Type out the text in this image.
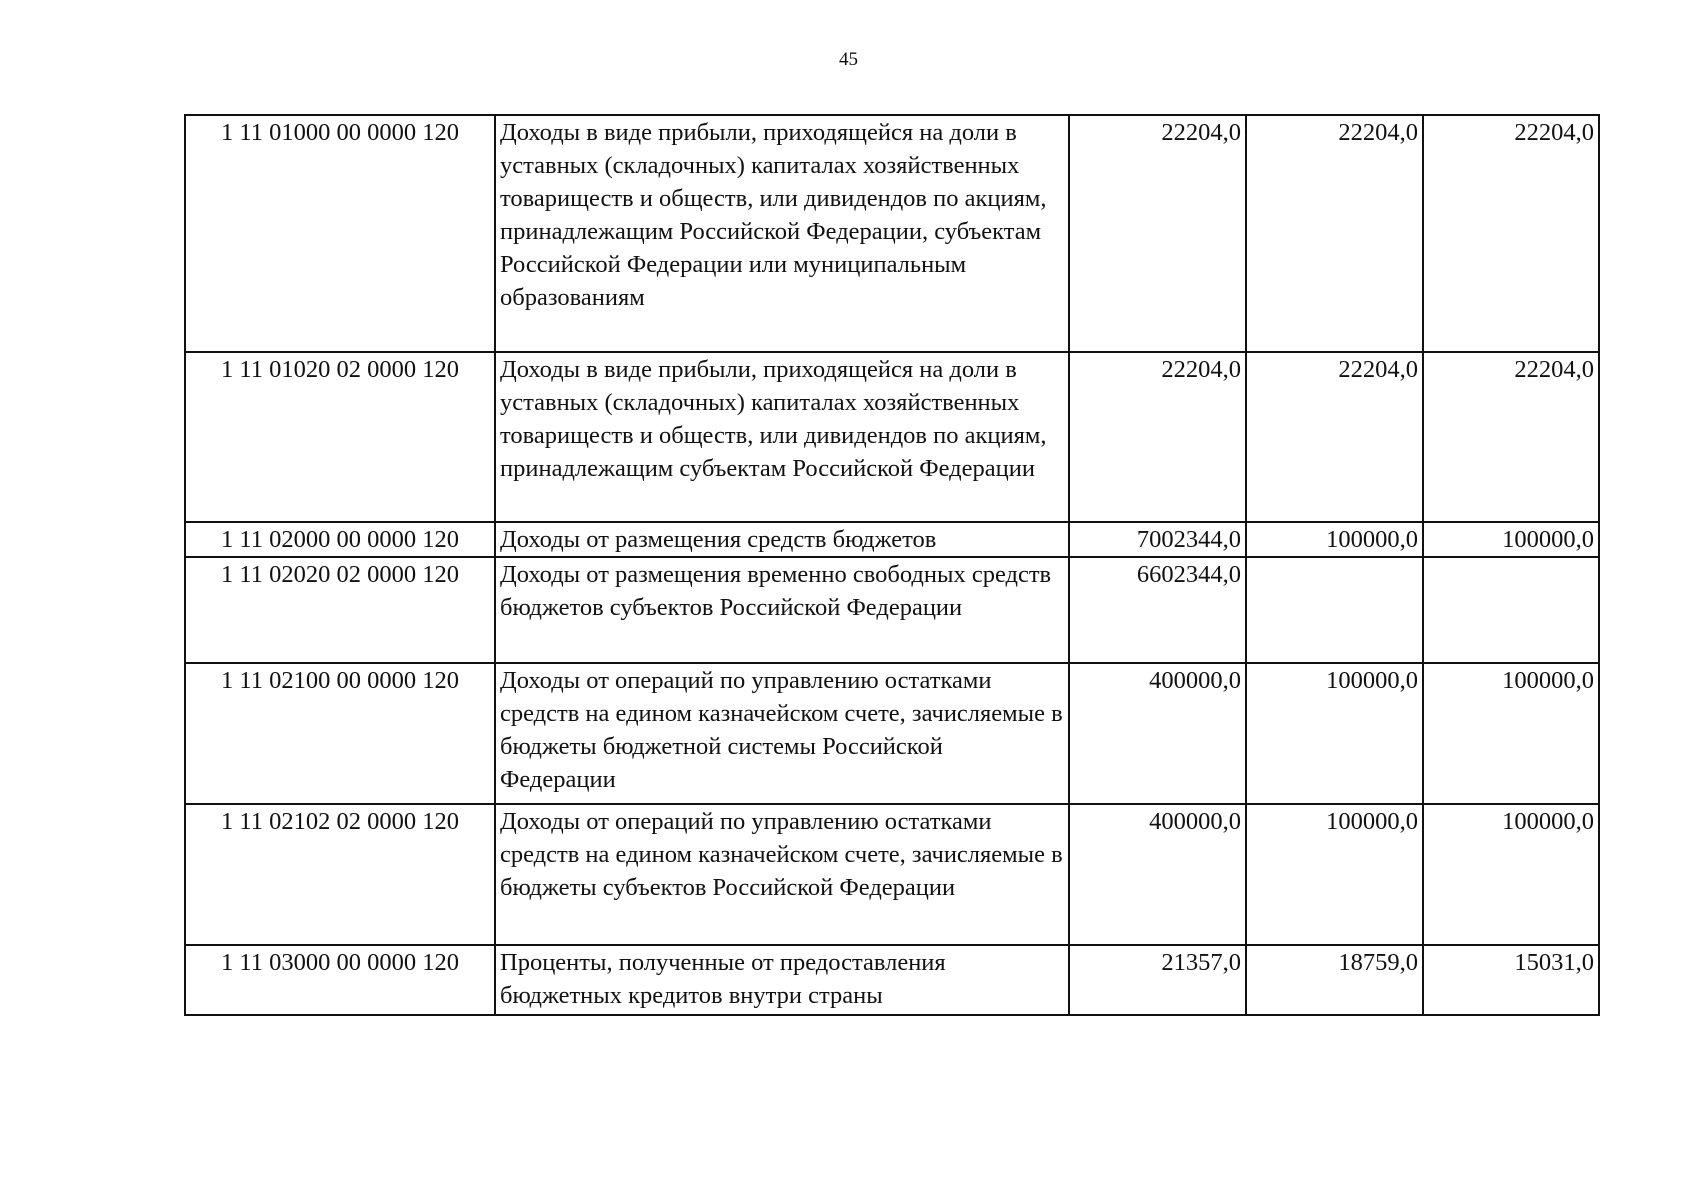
45
1 11 01000 00 0000 120	Доходы в виде прибыли, приходящейся на доли в уставных (складочных) капиталах хозяйственных товариществ и обществ, или дивидендов по акциям, принадлежащим Российской Федерации, субъектам Российской Федерации или муниципальным образованиям	22204,0	22204,0	22204,0
1 11 01020 02 0000 120	Доходы в виде прибыли, приходящейся на доли в уставных (складочных) капиталах хозяйственных товариществ и обществ, или дивидендов по акциям, принадлежащим субъектам Российской Федерации	22204,0	22204,0	22204,0
1 11 02000 00 0000 120	Доходы от размещения средств бюджетов	7002344,0	100000,0	100000,0
1 11 02020 02 0000 120	Доходы от размещения временно свободных средств бюджетов субъектов Российской Федерации	6602344,0		
1 11 02100 00 0000 120	Доходы от операций по управлению остатками средств на едином казначейском счете, зачисляемые в бюджеты бюджетной системы Российской Федерации	400000,0	100000,0	100000,0
1 11 02102 02 0000 120	Доходы от операций по управлению остатками средств на едином казначейском счете, зачисляемые в бюджеты субъектов Российской Федерации	400000,0	100000,0	100000,0
1 11 03000 00 0000 120	Проценты, полученные от предоставления бюджетных кредитов внутри страны	21357,0	18759,0	15031,0
